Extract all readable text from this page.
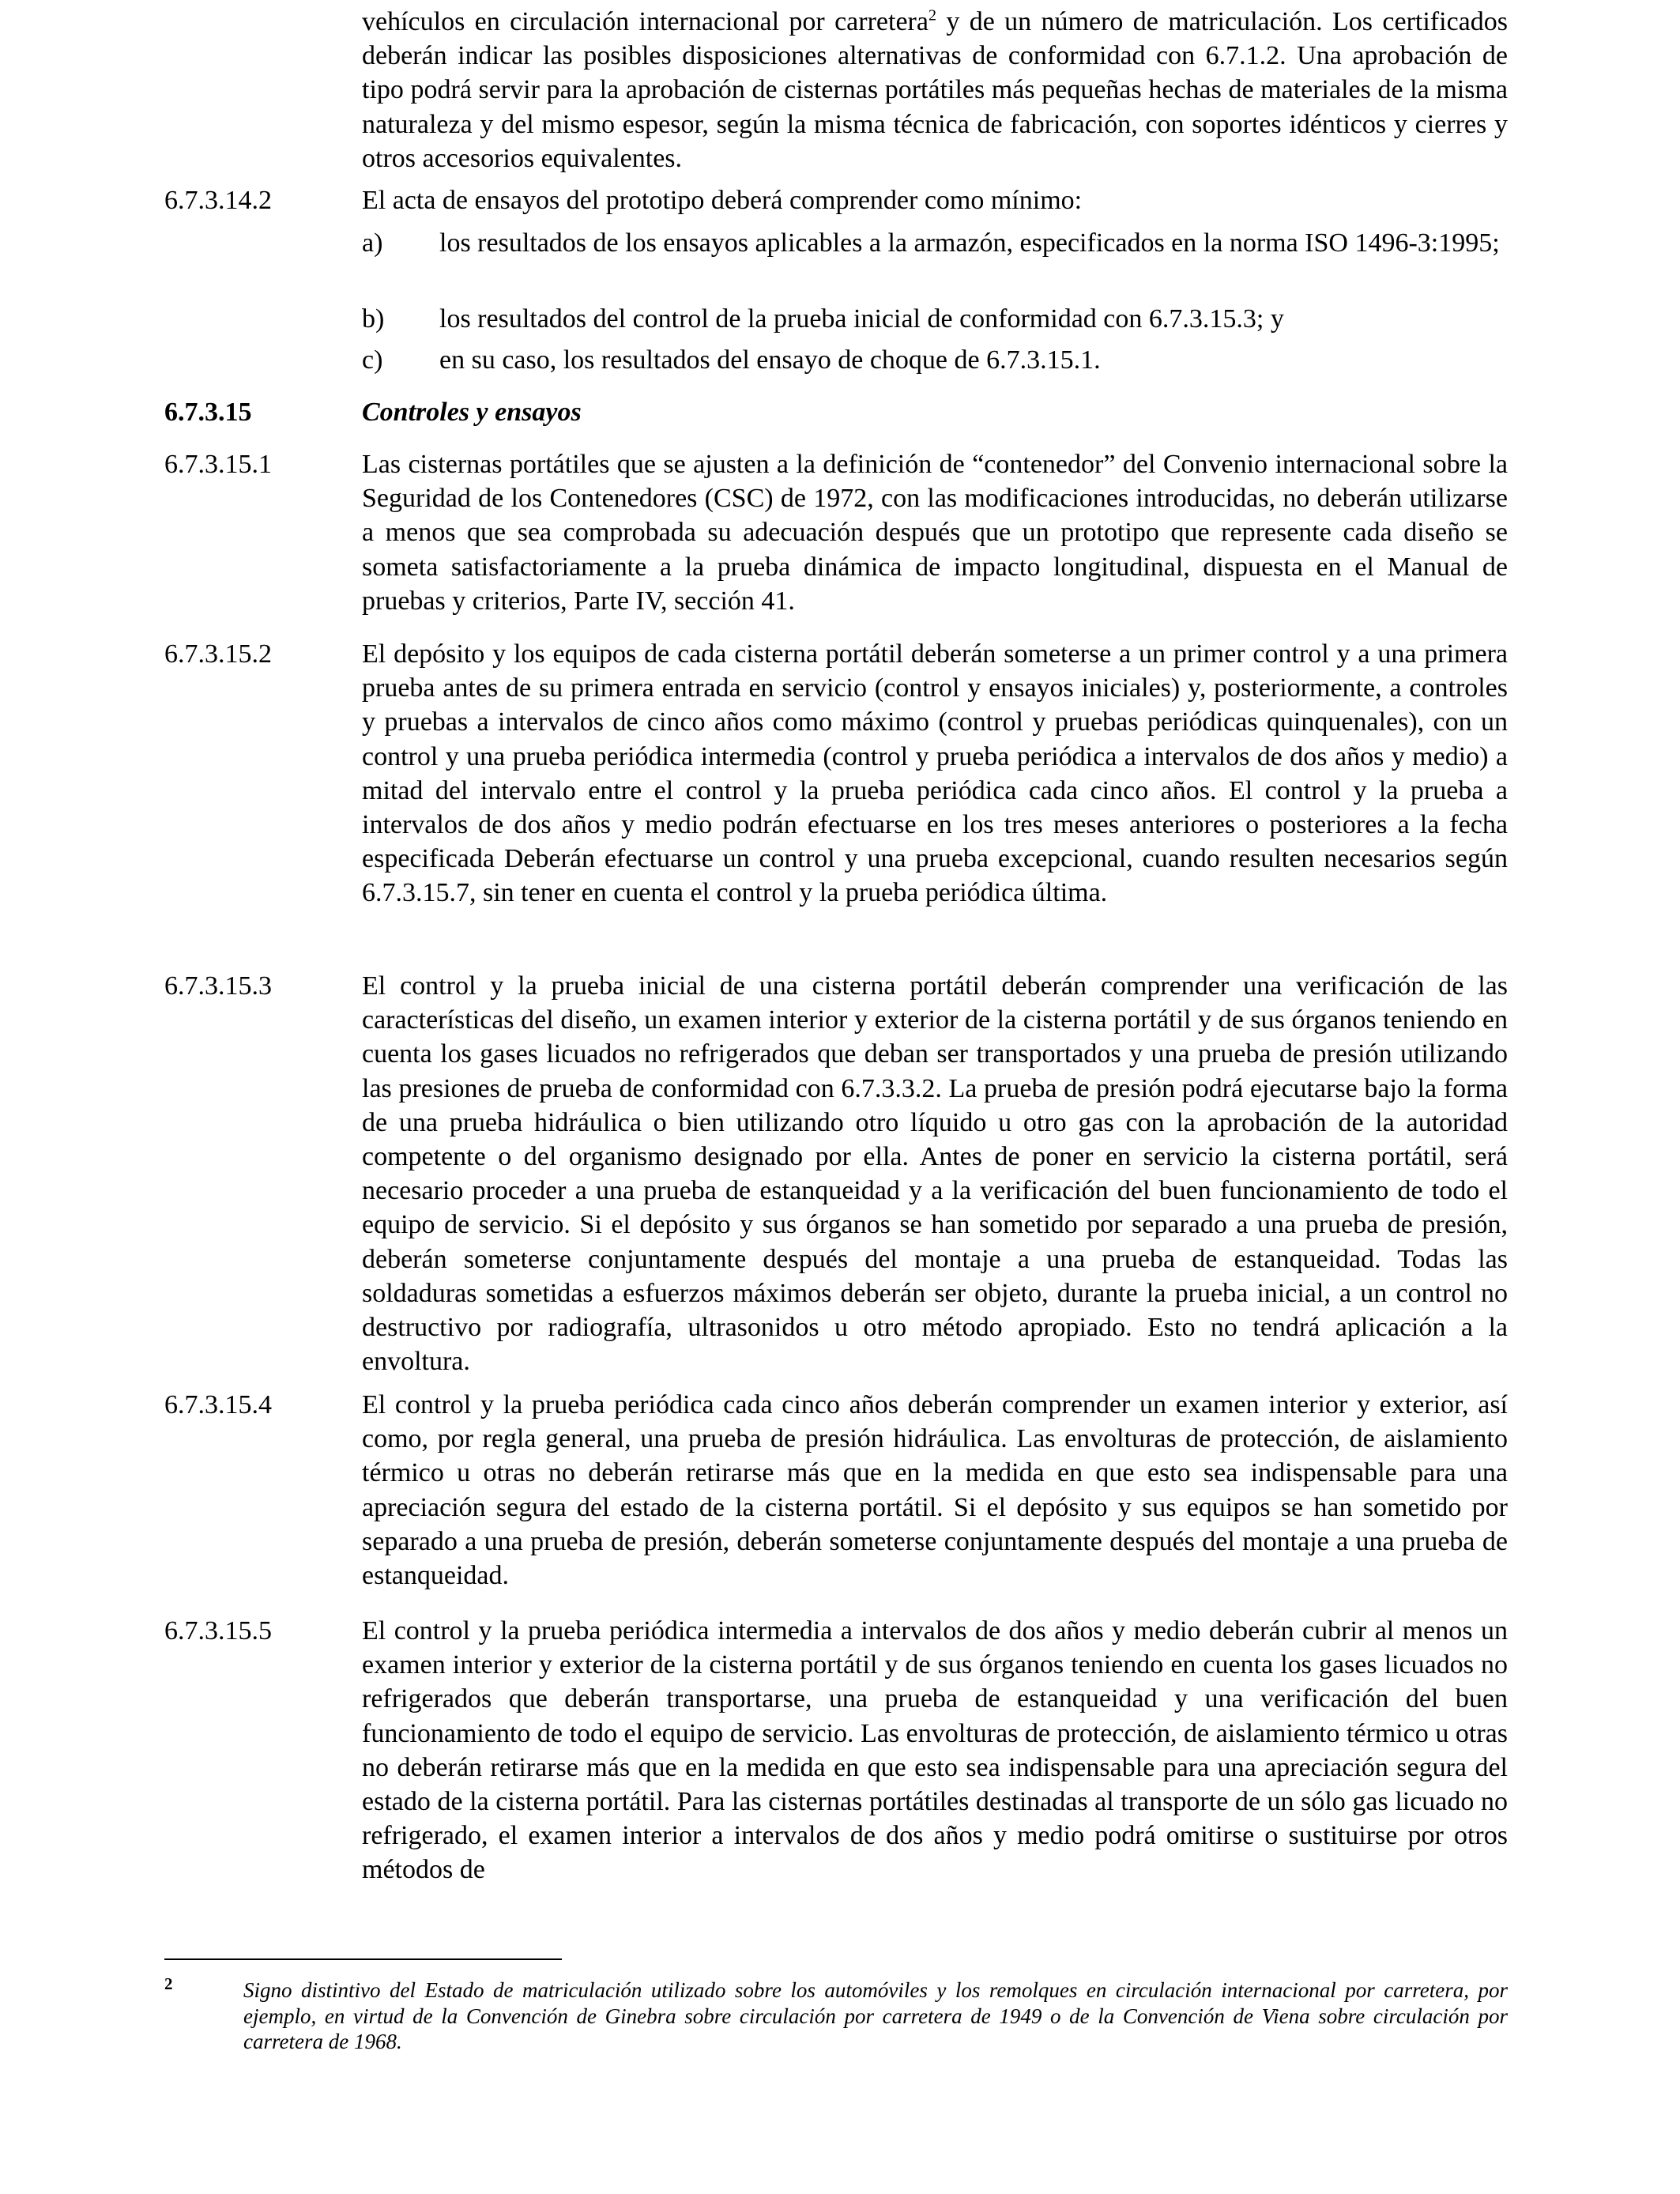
vehículos en circulación internacional por carretera$^2$ y de un número de matriculación. Los certificados deberán indicar las posibles disposiciones alternativas de conformidad con 6.7.1.2. Una aprobación de tipo podrá servir para la aprobación de cisternas portátiles más pequeñas hechas de materiales de la misma naturaleza y del mismo espesor, según la misma técnica de fabricación, con soportes idénticos y cierres y otros accesorios equivalentes.
6.7.3.14.2	El acta de ensayos del prototipo deberá comprender como mínimo:
a) los resultados de los ensayos aplicables a la armazón, especificados en la norma ISO 1496-3:1995;
b) los resultados del control de la prueba inicial de conformidad con 6.7.3.15.3; y
c) en su caso, los resultados del ensayo de choque de 6.7.3.15.1.
6.7.3.15	Controles y ensayos
6.7.3.15.1	Las cisternas portátiles que se ajusten a la definición de “contenedor” del Convenio internacional sobre la Seguridad de los Contenedores (CSC) de 1972, con las modificaciones introducidas, no deberán utilizarse a menos que sea comprobada su adecuación después que un prototipo que represente cada diseño se someta satisfactoriamente a la prueba dinámica de impacto longitudinal, dispuesta en el Manual de pruebas y criterios, Parte IV, sección 41.
6.7.3.15.2	El depósito y los equipos de cada cisterna portátil deberán someterse a un primer control y a una primera prueba antes de su primera entrada en servicio (control y ensayos iniciales) y, posteriormente, a controles y pruebas a intervalos de cinco años como máximo (control y pruebas periódicas quinquenales), con un control y una prueba periódica intermedia (control y prueba periódica a intervalos de dos años y medio) a mitad del intervalo entre el control y la prueba periódica cada cinco años. El control y la prueba a intervalos de dos años y medio podrán efectuarse en los tres meses anteriores o posteriores a la fecha especificada Deberán efectuarse un control y una prueba excepcional, cuando resulten necesarios según 6.7.3.15.7, sin tener en cuenta el control y la prueba periódica última.
6.7.3.15.3	El control y la prueba inicial de una cisterna portátil deberán comprender una verificación de las características del diseño, un examen interior y exterior de la cisterna portátil y de sus órganos teniendo en cuenta los gases licuados no refrigerados que deban ser transportados y una prueba de presión utilizando las presiones de prueba de conformidad con 6.7.3.3.2. La prueba de presión podrá ejecutarse bajo la forma de una prueba hidráulica o bien utilizando otro líquido u otro gas con la aprobación de la autoridad competente o del organismo designado por ella. Antes de poner en servicio la cisterna portátil, será necesario proceder a una prueba de estanqueidad y a la verificación del buen funcionamiento de todo el equipo de servicio. Si el depósito y sus órganos se han sometido por separado a una prueba de presión, deberán someterse conjuntamente después del montaje a una prueba de estanqueidad. Todas las soldaduras sometidas a esfuerzos máximos deberán ser objeto, durante la prueba inicial, a un control no destructivo por radiografía, ultrasonidos u otro método apropiado. Esto no tendrá aplicación a la envoltura.
6.7.3.15.4	El control y la prueba periódica cada cinco años deberán comprender un examen interior y exterior, así como, por regla general, una prueba de presión hidráulica. Las envolturas de protección, de aislamiento térmico u otras no deberán retirarse más que en la medida en que esto sea indispensable para una apreciación segura del estado de la cisterna portátil. Si el depósito y sus equipos se han sometido por separado a una prueba de presión, deberán someterse conjuntamente después del montaje a una prueba de estanqueidad.
6.7.3.15.5	El control y la prueba periódica intermedia a intervalos de dos años y medio deberán cubrir al menos un examen interior y exterior de la cisterna portátil y de sus órganos teniendo en cuenta los gases licuados no refrigerados que deberán transportarse, una prueba de estanqueidad y una verificación del buen funcionamiento de todo el equipo de servicio. Las envolturas de protección, de aislamiento térmico u otras no deberán retirarse más que en la medida en que esto sea indispensable para una apreciación segura del estado de la cisterna portátil. Para las cisternas portátiles destinadas al transporte de un sólo gas licuado no refrigerado, el examen interior a intervalos de dos años y medio podrá omitirse o sustituirse por otros métodos de
2	Signo distintivo del Estado de matriculación utilizado sobre los automóviles y los remolques en circulación internacional por carretera, por ejemplo, en virtud de la Convención de Ginebra sobre circulación por carretera de 1949 o de la Convención de Viena sobre circulación por carretera de 1968.
